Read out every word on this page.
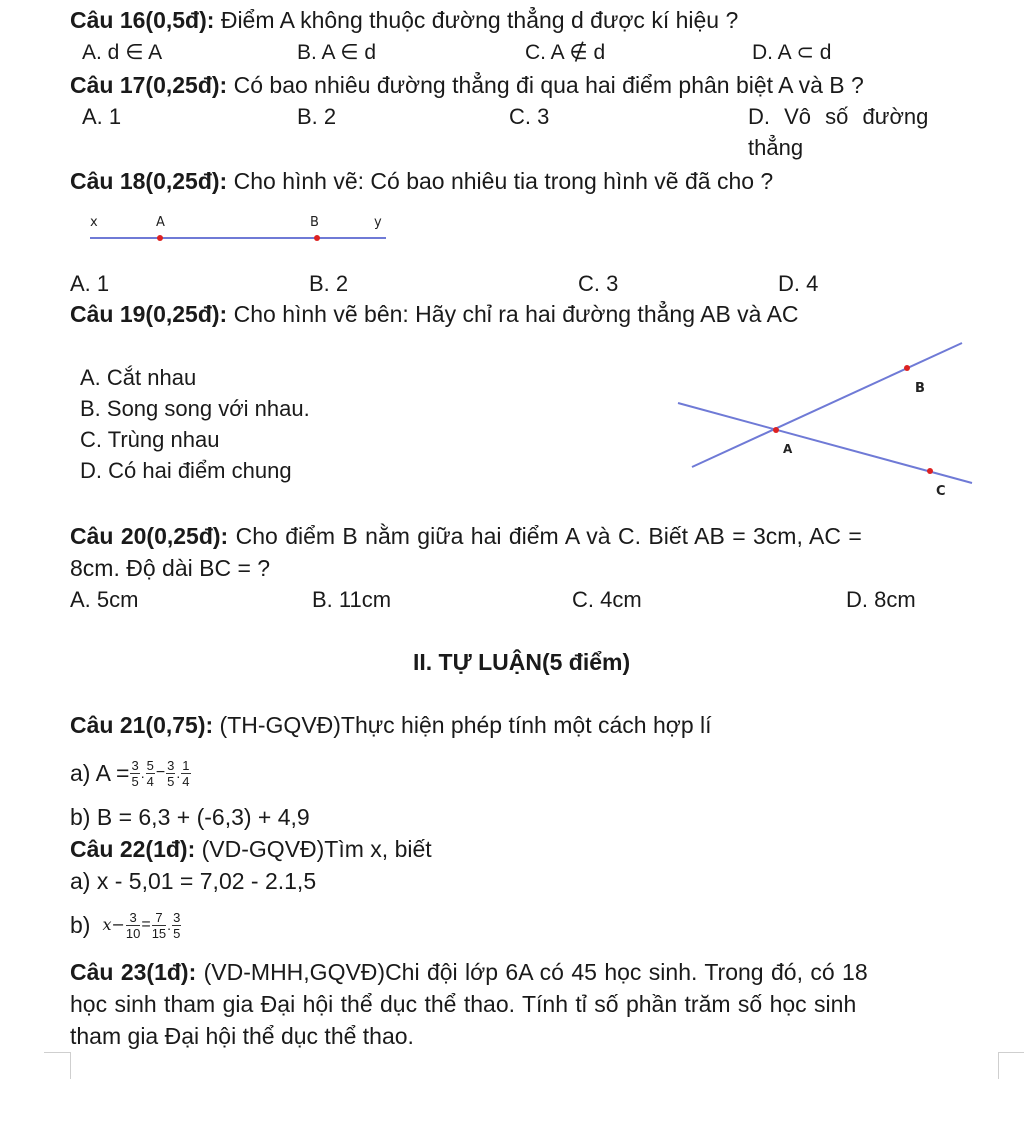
Câu 16(0,5đ): Điểm A không thuộc đường thẳng d được kí hiệu ?
A. d ∈ A	B. A ∈ d	C. A ∉ d	D. A ⊂ d
Câu 17(0,25đ): Có bao nhiêu đường thẳng đi qua hai điểm phân biệt A và B ?
A. 1	B. 2	C. 3	D. Vô số đường
thẳng
Câu 18(0,25đ): Cho hình vẽ: Có bao nhiêu tia trong hình vẽ đã cho ?
x	A	B	y
A. 1	B. 2	C. 3	D. 4
Câu 19(0,25đ): Cho hình vẽ bên: Hãy chỉ ra hai đường thẳng AB và AC
A. Cắt nhau
B. Song song với nhau.
C. Trùng nhau
D. Có hai điểm chung
B
A
C
Câu 20(0,25đ): Cho điểm B nằm giữa hai điểm A và C. Biết AB = 3cm, AC =
8cm. Độ dài BC = ?
A. 5cm	B. 11cm	C. 4cm	D. 8cm
II. TỰ LUẬN(5 điểm)
Câu 21(0,75): (TH-GQVĐ)Thực hiện phép tính một cách hợp lí
a) $A = \frac{3}{5}$ . $\frac{5}{4} - \frac{3}{5}$ . $\frac{1}{4}$
b) B = 6,3 + (-6,3) + 4,9
Câu 22(1đ): (VD-GQVĐ)Tìm x, biết
a) x - 5,01 = 7,02 - 2.1,5
b) $x- \frac{3}{10} = \frac{7}{15}$ . $\frac{3}{5}$
Câu 23(1đ): (VD-MHH,GQVĐ)Chi đội lớp 6A có 45 học sinh. Trong đó, có 18
học sinh tham gia Đại hội thể dục thể thao. Tính tỉ số phần trăm số học sinh
tham gia Đại hội thể dục thể thao.
